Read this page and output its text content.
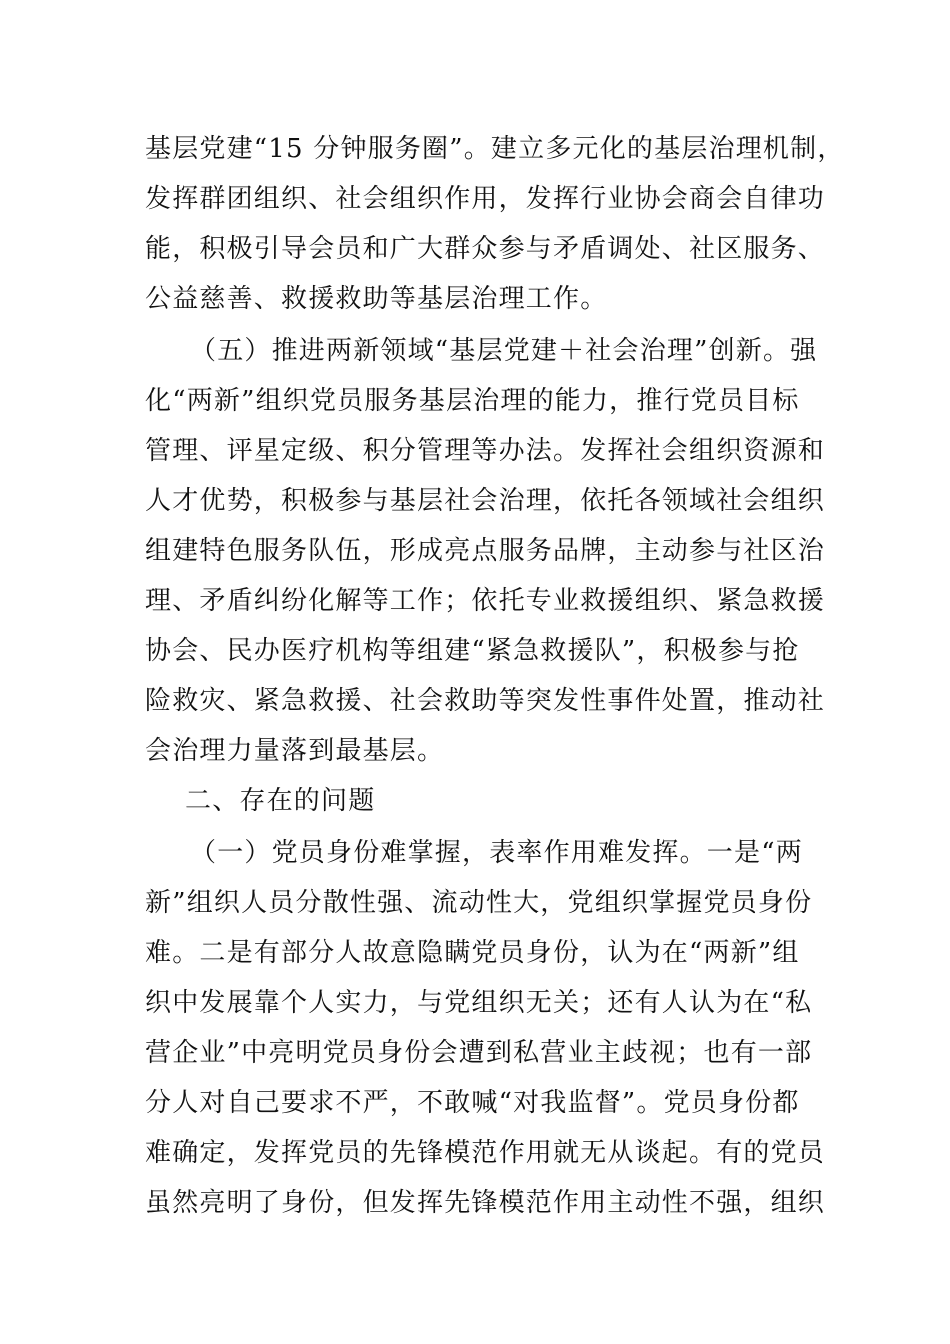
基层党建“15 分钟服务圈”。建立多元化的基层治理机制，
发挥群团组织、社会组织作用，发挥行业协会商会自律功
能，积极引导会员和广大群众参与矛盾调处、社区服务、
公益慈善、救援救助等基层治理工作。
（五）推进两新领域“基层党建＋社会治理”创新。强
化“两新”组织党员服务基层治理的能力，推行党员目标
管理、评星定级、积分管理等办法。发挥社会组织资源和
人才优势，积极参与基层社会治理，依托各领域社会组织
组建特色服务队伍，形成亮点服务品牌，主动参与社区治
理、矛盾纠纷化解等工作；依托专业救援组织、紧急救援
协会、民办医疗机构等组建“紧急救援队”，积极参与抢
险救灾、紧急救援、社会救助等突发性事件处置，推动社
会治理力量落到最基层。
二、存在的问题
（一）党员身份难掌握，表率作用难发挥。一是“两
新”组织人员分散性强、流动性大，党组织掌握党员身份
难。二是有部分人故意隐瞒党员身份，认为在“两新”组
织中发展靠个人实力，与党组织无关；还有人认为在“私
营企业”中亮明党员身份会遭到私营业主歧视；也有一部
分人对自己要求不严，不敢喊“对我监督”。党员身份都
难确定，发挥党员的先锋模范作用就无从谈起。有的党员
虽然亮明了身份，但发挥先锋模范作用主动性不强，组织
